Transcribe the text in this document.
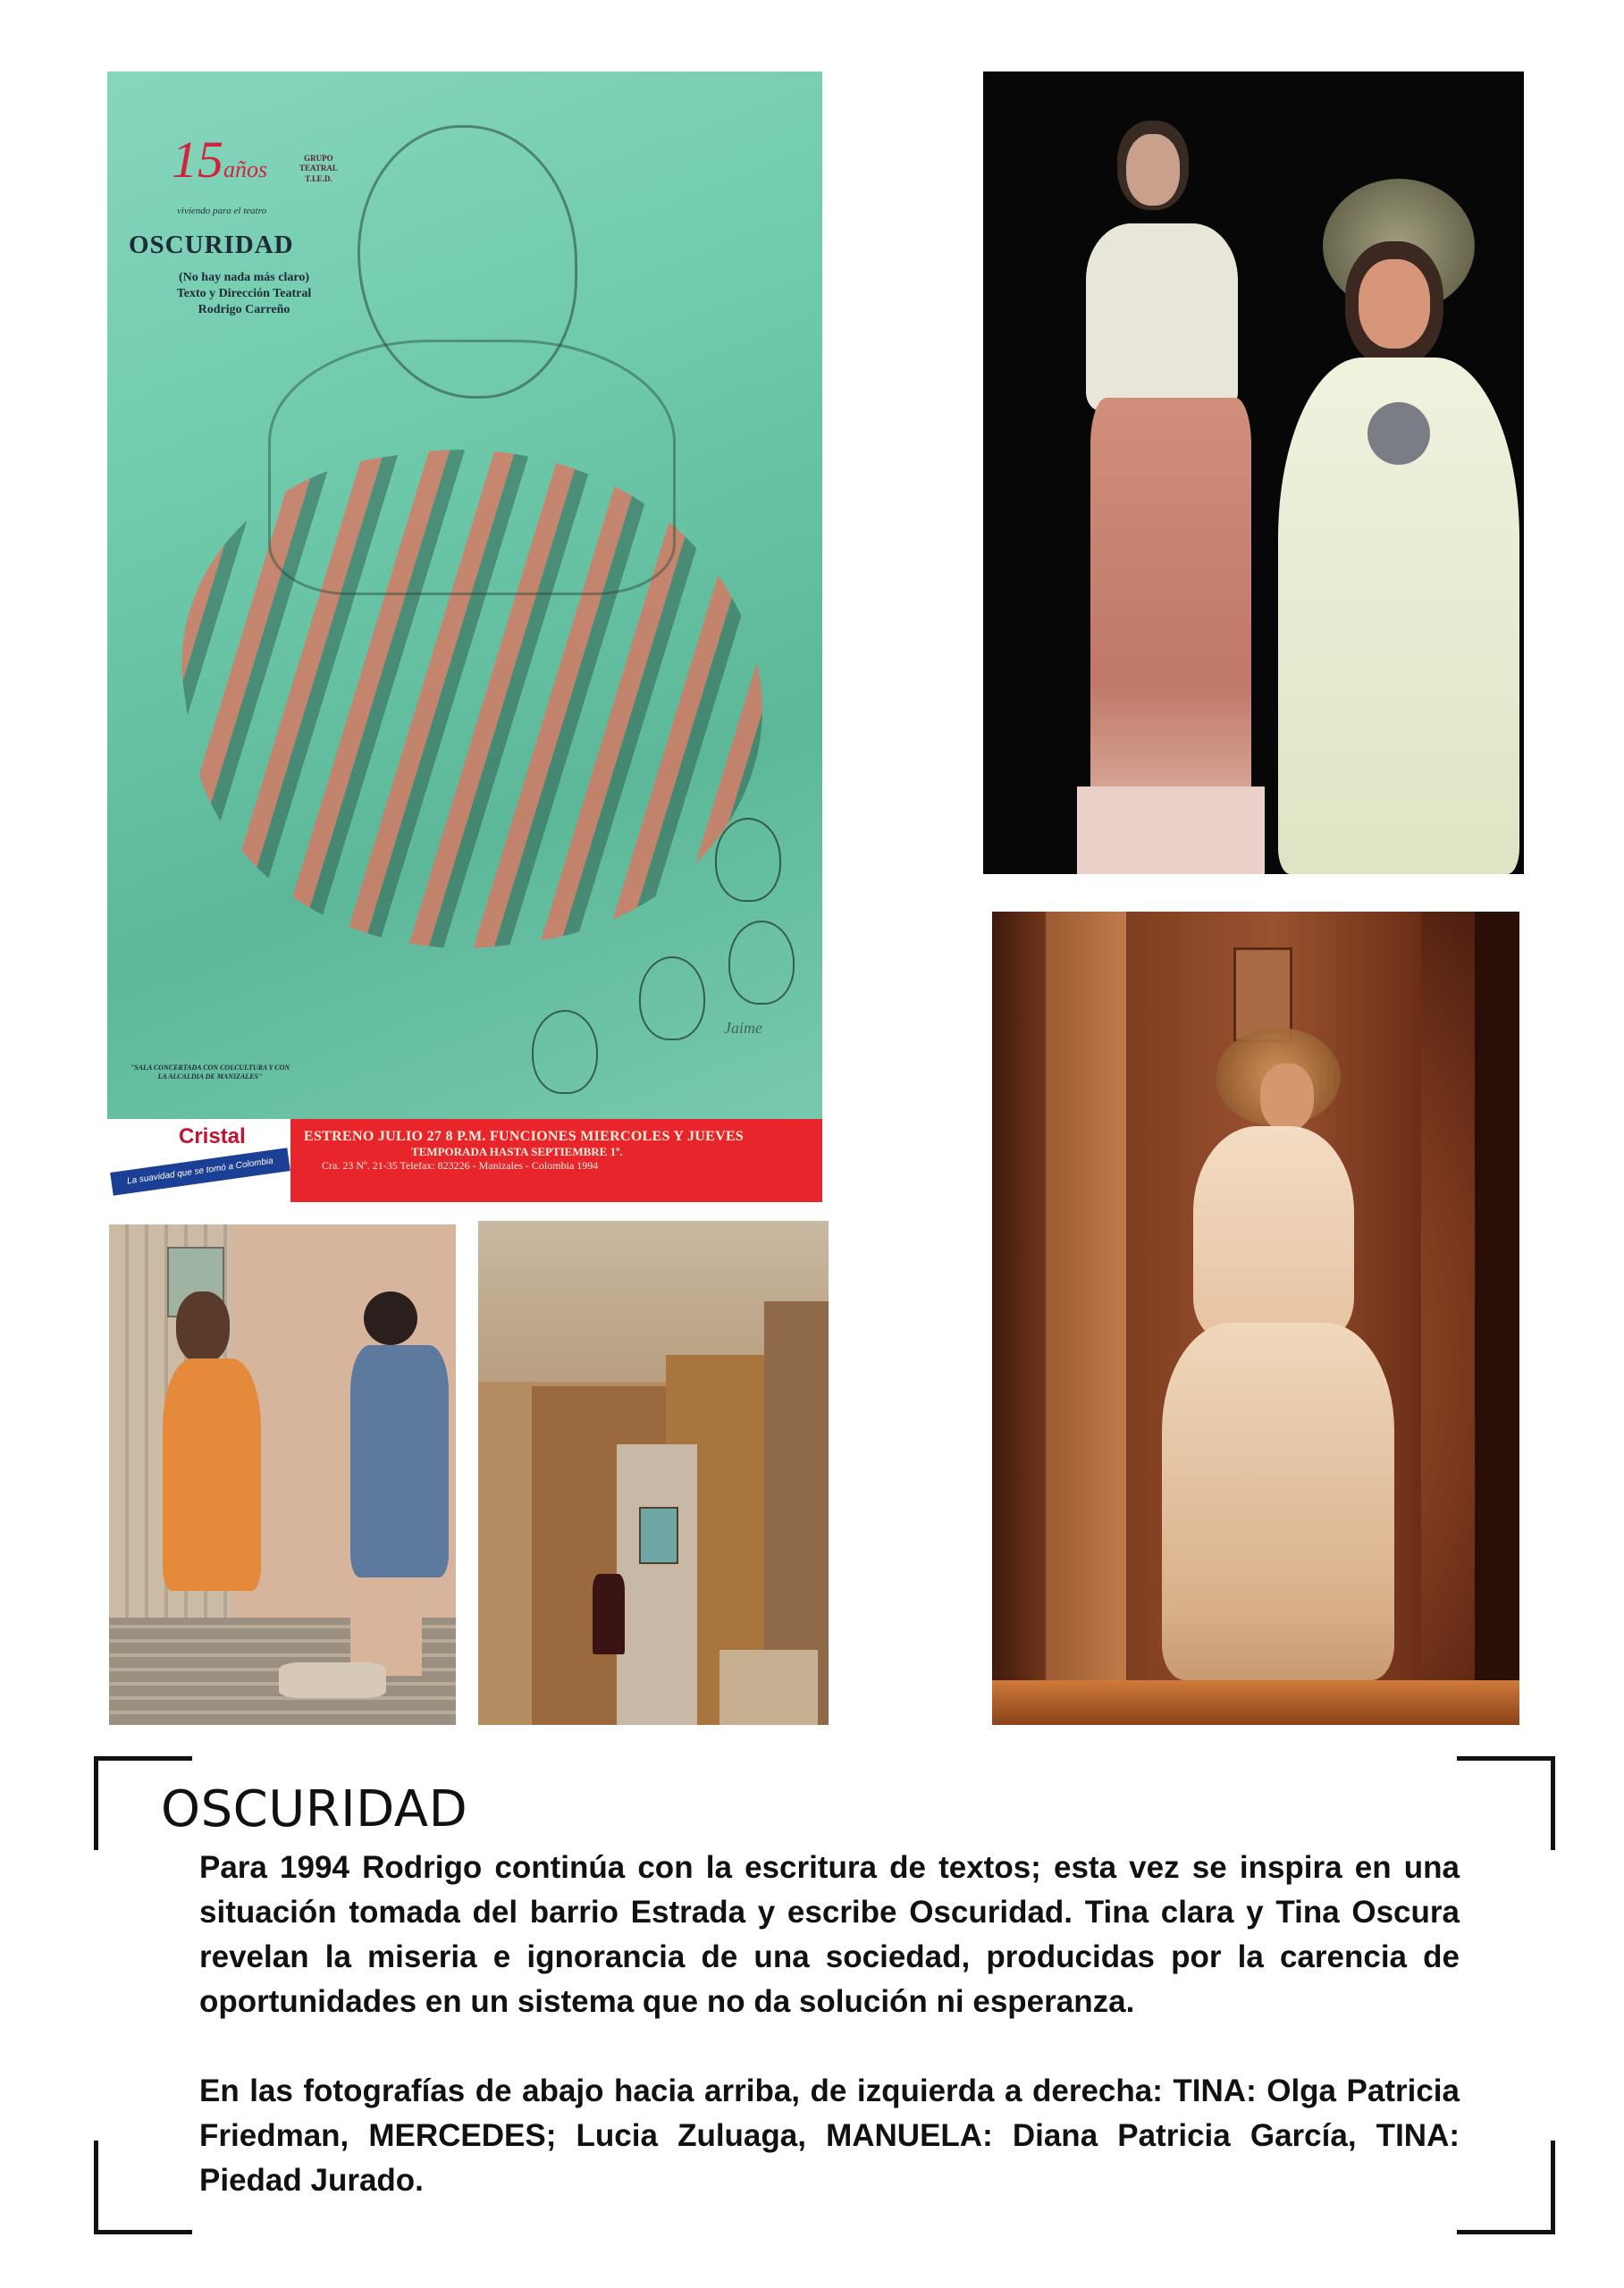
15años	GRUPO
TEATRAL
T.I.E.D.
viviendo para el teatro
OSCURIDAD
(No hay nada más claro)
Texto y Dirección Teatral
Rodrigo Carreño
"SALA CONCERTADA CON COLCULTURA Y CON LA ALCALDIA DE MANIZALES"
Jaime
Cristal
La suavidad que se tomó a Colombia
ESTRENO JULIO 27 8 P.M. FUNCIONES MIERCOLES Y JUEVES
TEMPORADA HASTA SEPTIEMBRE 1º.
Cra. 23 Nº. 21-35 Telefax: 823226 - Manizales - Colombia 1994
OSCURIDAD
Para 1994 Rodrigo continúa con la escritura de textos; esta vez se inspira en una situación tomada del barrio Estrada y escribe Oscuridad. Tina clara y Tina Oscura revelan la miseria e ignorancia de una sociedad, producidas por la carencia de oportunidades en un sistema que no da solución ni esperanza.
En las fotografías de abajo hacia arriba, de izquierda a derecha: TINA: Olga Patricia Friedman, MERCEDES; Lucia Zuluaga, MANUELA: Diana Patricia García, TINA: Piedad Jurado.
